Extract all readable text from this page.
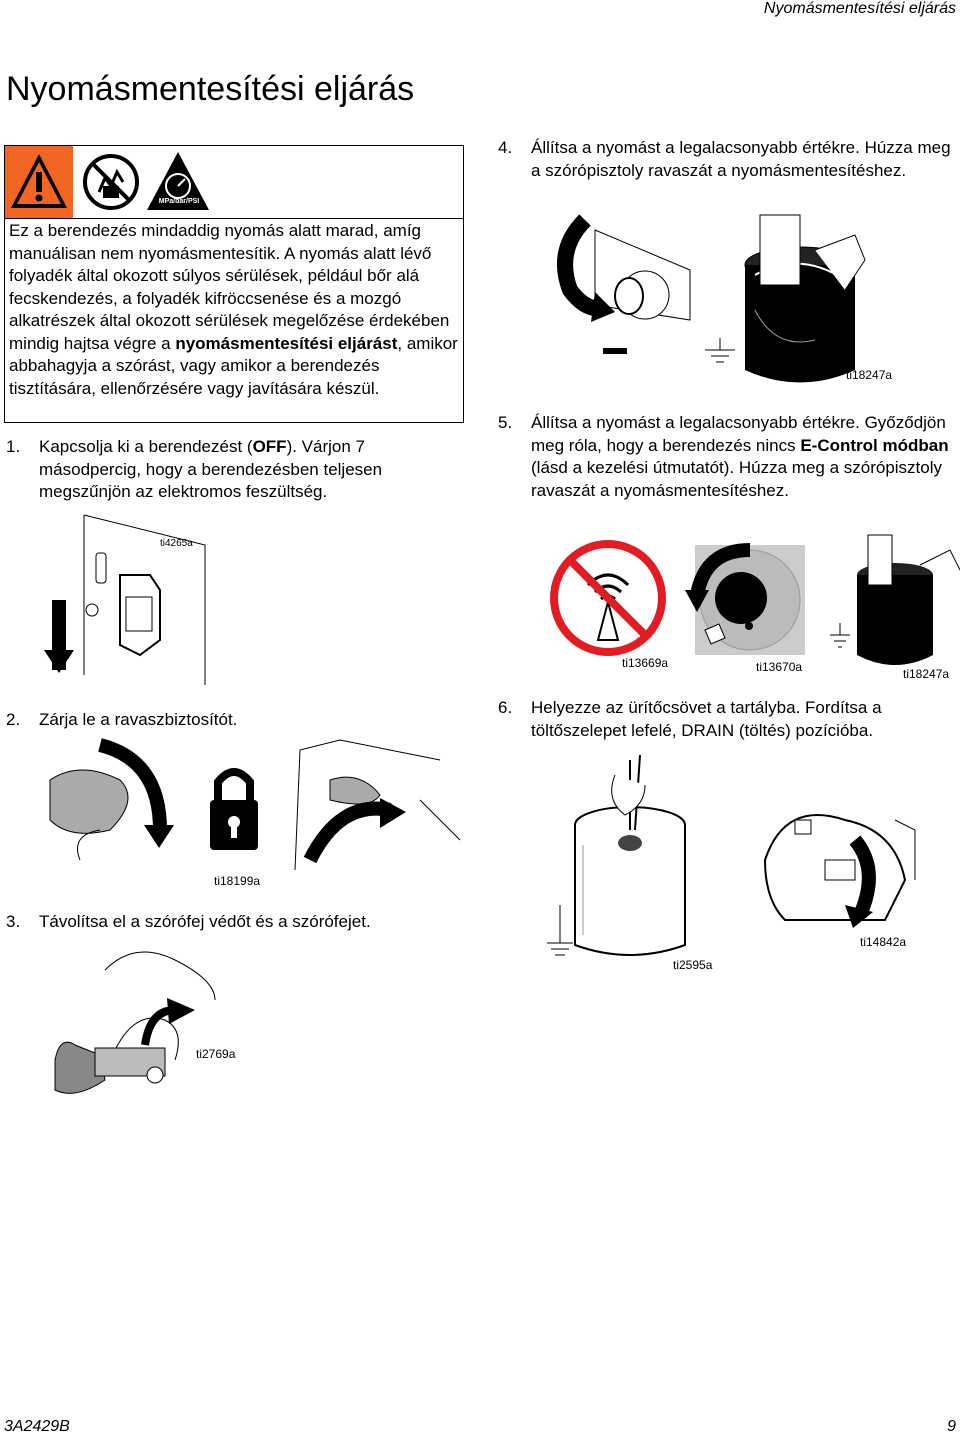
Nyomásmentesítési eljárás
Nyomásmentesítési eljárás
MPa/bar/PSI
Ez a berendezés mindaddig nyomás alatt marad, amíg manuálisan nem nyomásmentesítik. A nyomás alatt lévő folyadék által okozott súlyos sérülések, például bőr alá fecskendezés, a folyadék kifröccsenése és a mozgó alkatrészek által okozott sérülések megelőzése érdekében mindig hajtsa végre a nyomásmentesítési eljárást, amikor abbahagyja a szórást, vagy amikor a berendezés tisztítására, ellenőrzésére vagy javítására készül.
1. Kapcsolja ki a berendezést (OFF). Várjon 7 másodpercig, hogy a berendezésben teljesen megszűnjön az elektromos feszültség.
ti4265a
2. Zárja le a ravaszbiztosítót.
ti18199a
3. Távolítsa el a szórófej védőt és a szórófejet.
ti2769a
4. Állítsa a nyomást a legalacsonyabb értékre. Húzza meg a szórópisztoly ravaszát a nyomásmentesítéshez.
ti18247a
5. Állítsa a nyomást a legalacsonyabb értékre. Győződjön meg róla, hogy a berendezés nincs E-Control módban (lásd a kezelési útmutatót). Húzza meg a szórópisztoly ravaszát a nyomásmentesítéshez.
ti13669a	ti13670a	ti18247a
6. Helyezze az ürítőcsövet a tartályba. Fordítsa a töltőszelepet lefelé, DRAIN (töltés) pozícióba.
ti2595a
ti14842a
3A2429B	9
